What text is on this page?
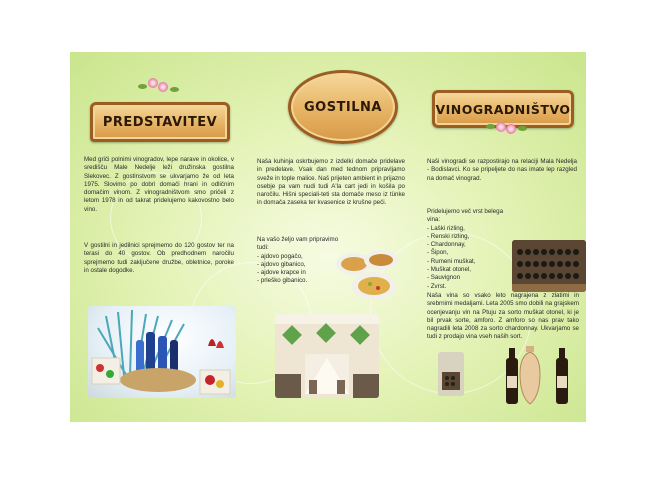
PREDSTAVITEV
Med griči polnimi vinogradov, lepe narave in okolice, v središču Male Nedelje leži družinska gostilna Slekovec. Z gostinstvom se ukvarjamo že od leta 1975. Slovimo po dobri domači hrani in odličnim domačim vinom. Z vinogradništvom smo pričeli z letom 1978 in od takrat pridelujemo kakovostno belo vino.
V gostilni in jedilnici sprejmemo do 120 gostov ter na terasi do 40 gostov. Ob predhodnem naročilu sprejmemo tudi zaključene družbe, obletnice, poroke in ostale dogodke.
GOSTILNA
Naša kuhinja oskrbujemo z izdelki domače pridelave in predelave. Vsak dan med tednom pripravljamo sveže in tople malice. Naš prijeten ambient in prijazno osebje pa vam nudi tudi A'la cart jedi in košila po naročilu. Hišni speciali-teti sta domače meso iz tünke in domača zaseka ter kvasenice iz krušne peči.
Na vašo željo vam pripravimo tudi:
- ajdovo pogačo,
- ajdovo gibanico,
- ajdove krapce in
- prleško gibanico.
VINOGRADNIŠTVO
Naši vinogradi se razpostirajo na relaciji Mala Nedelja - Bodislavci. Ko se pripeljete do nas imate lep razgled na domač vinograd.
Pridelujemo več vrst belega vina:
- Laški rizling,
- Renski rizling,
- Chardonnay,
- Šipon,
- Rumeni muškat,
- Muškat otonel,
- Sauvignon
- Zvrst.
Naša vina so vsako leto nagrajena z zlatimi in srebrnimi medaljami. Leta 2005 smo dobili na grajskem ocenjevanju vin na Ptuju za sorto muškat otonel, ki je bil prvak sorte, amforo. Z amforo so nas prav tako nagradili leta 2008 za sorto chardonnay. Ukvarjamo se tudi z prodajo vina vseh naših sort.
